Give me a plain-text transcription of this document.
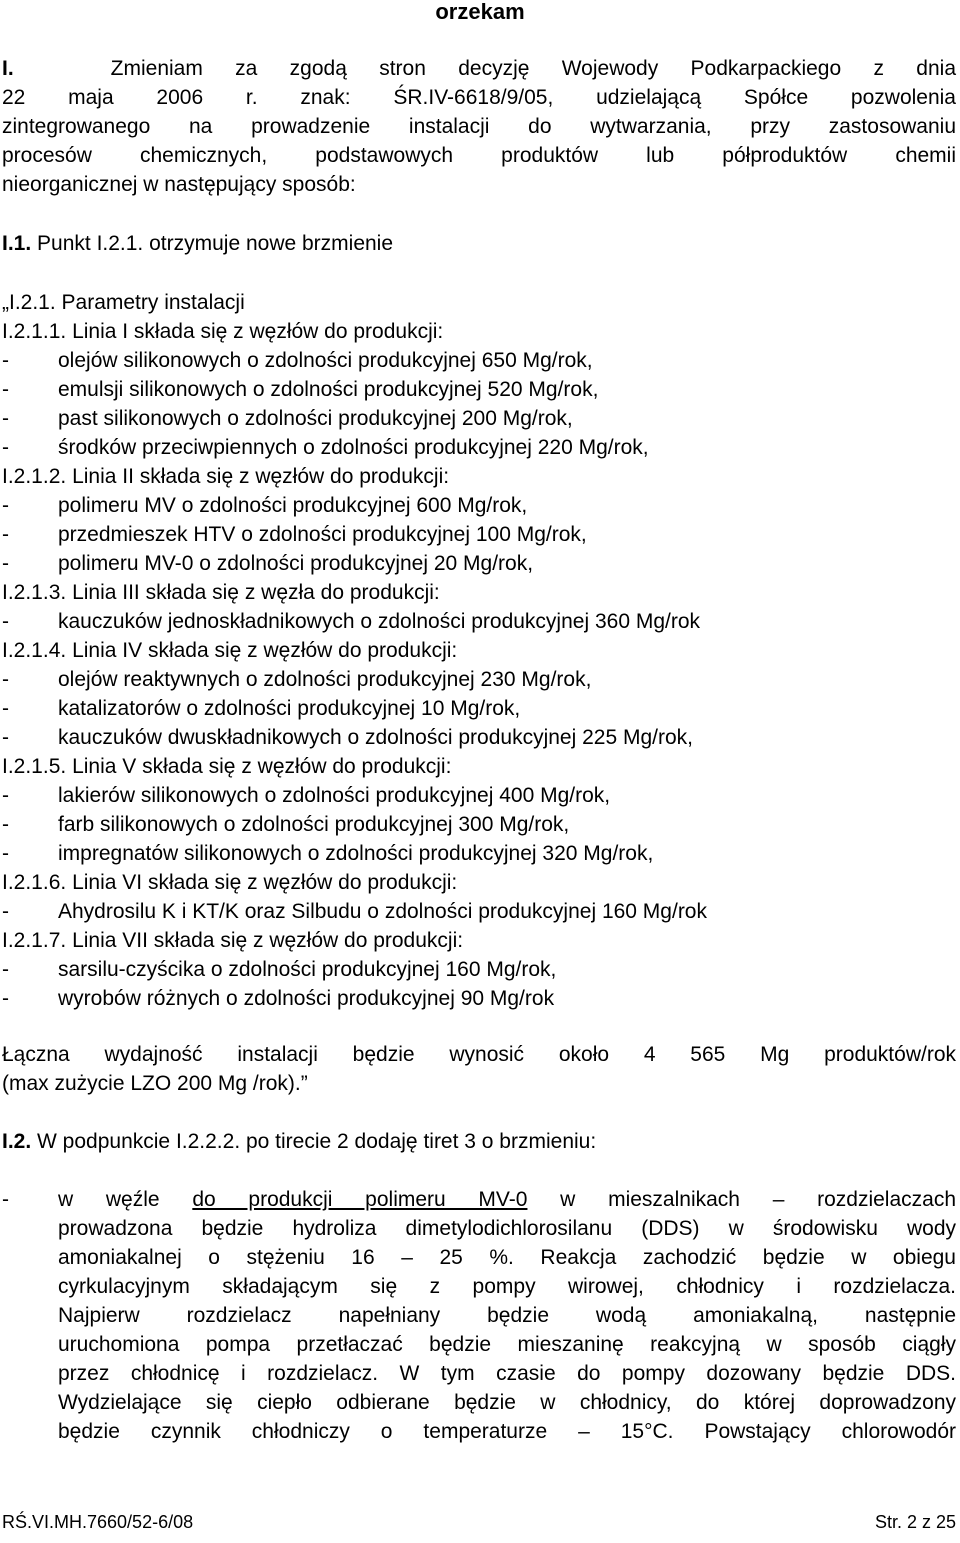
orzekam
I.	Zmieniam za zgodą stron decyzję Wojewody Podkarpackiego z dnia
22 maja 2006 r. znak: ŚR.IV-6618/9/05, udzielającą Spółce pozwolenia
zintegrowanego na prowadzenie instalacji do wytwarzania, przy zastosowaniu
procesów chemicznych, podstawowych produktów lub półproduktów chemii
nieorganicznej w następujący sposób:
I.1. Punkt I.2.1. otrzymuje nowe brzmienie
„I.2.1. Parametry instalacji
I.2.1.1. Linia I składa się z węzłów do produkcji:
- olejów silikonowych o zdolności produkcyjnej 650 Mg/rok,
- emulsji silikonowych o zdolności produkcyjnej 520 Mg/rok,
- past silikonowych o zdolności produkcyjnej 200 Mg/rok,
- środków przeciwpiennych o zdolności produkcyjnej 220 Mg/rok,
I.2.1.2. Linia II składa się z węzłów do produkcji:
- polimeru MV o zdolności produkcyjnej 600 Mg/rok,
- przedmieszek HTV o zdolności produkcyjnej 100 Mg/rok,
- polimeru MV-0 o zdolności produkcyjnej 20 Mg/rok,
I.2.1.3. Linia III składa się z węzła do produkcji:
- kauczuków jednoskładnikowych o zdolności produkcyjnej 360 Mg/rok
I.2.1.4. Linia IV składa się z węzłów do produkcji:
- olejów reaktywnych o zdolności produkcyjnej 230 Mg/rok,
- katalizatorów o zdolności produkcyjnej 10 Mg/rok,
- kauczuków dwuskładnikowych o zdolności produkcyjnej 225 Mg/rok,
I.2.1.5. Linia V składa się z węzłów do produkcji:
- lakierów silikonowych o zdolności produkcyjnej 400 Mg/rok,
- farb silikonowych o zdolności produkcyjnej 300 Mg/rok,
- impregnatów silikonowych o zdolności produkcyjnej 320 Mg/rok,
I.2.1.6. Linia VI składa się z węzłów do produkcji:
- Ahydrosilu K i KT/K oraz Silbudu o zdolności produkcyjnej 160 Mg/rok
I.2.1.7. Linia VII składa się z węzłów do produkcji:
- sarsilu-czyścika o zdolności produkcyjnej 160 Mg/rok,
- wyrobów różnych o zdolności produkcyjnej 90 Mg/rok
Łączna wydajność instalacji będzie wynosić około 4 565 Mg produktów/rok
(max zużycie LZO 200 Mg /rok).”
I.2. W podpunkcie I.2.2.2. po tirecie 2 dodaję tiret 3 o brzmieniu:
- w węźle do produkcji polimeru MV-0 w mieszalnikach – rozdzielaczach
prowadzona będzie hydroliza dimetylodichlorosilanu (DDS) w środowisku wody
amoniakalnej o stężeniu 16 – 25 %. Reakcja zachodzić będzie w obiegu
cyrkulacyjnym składającym się z pompy wirowej, chłodnicy i rozdzielacza.
Najpierw rozdzielacz napełniany będzie wodą amoniakalną, następnie
uruchomiona pompa przetłaczać będzie mieszaninę reakcyjną w sposób ciągły
przez chłodnicę i rozdzielacz. W tym czasie do pompy dozowany będzie DDS.
Wydzielające się ciepło odbierane będzie w chłodnicy, do której doprowadzony
będzie czynnik chłodniczy o temperaturze – 15°C. Powstający chlorowodór
RŚ.VI.MH.7660/52-6/08	Str. 2 z 25
